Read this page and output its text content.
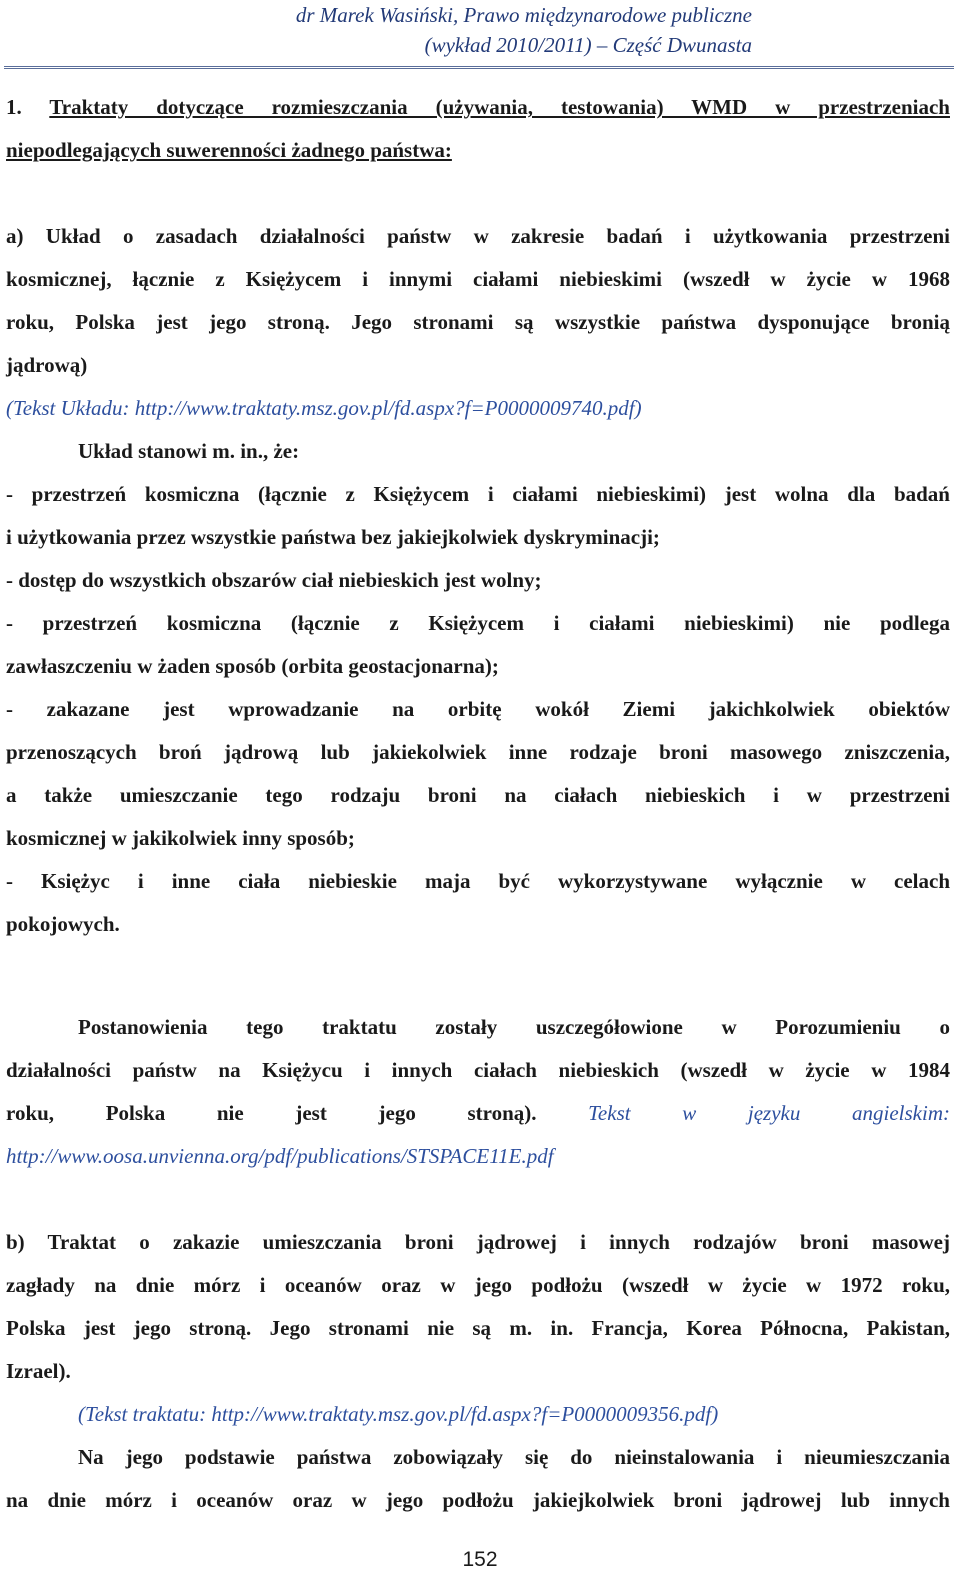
dr Marek Wasiński, Prawo międzynarodowe publiczne
(wykład 2010/2011) – Część Dwunasta
1. Traktaty dotyczące rozmieszczania (używania, testowania) WMD w przestrzeniach
niepodlegających suwerenności żadnego państwa:
a) Układ o zasadach działalności państw w zakresie badań i użytkowania przestrzeni
kosmicznej, łącznie z Księżycem i innymi ciałami niebieskimi (wszedł w życie w 1968
roku, Polska jest jego stroną. Jego stronami są wszystkie państwa dysponujące bronią
jądrową)
(Tekst Układu: http://www.traktaty.msz.gov.pl/fd.aspx?f=P0000009740.pdf)
Układ stanowi m. in., że:
- przestrzeń kosmiczna (łącznie z Księżycem i ciałami niebieskimi) jest wolna dla badań
i użytkowania przez wszystkie państwa bez jakiejkolwiek dyskryminacji;
- dostęp do wszystkich obszarów ciał niebieskich jest wolny;
- przestrzeń kosmiczna (łącznie z Księżycem i ciałami niebieskimi) nie podlega
zawłaszczeniu w żaden sposób (orbita geostacjonarna);
- zakazane jest wprowadzanie na orbitę wokół Ziemi jakichkolwiek obiektów
przenoszących broń jądrową lub jakiekolwiek inne rodzaje broni masowego zniszczenia,
a także umieszczanie tego rodzaju broni na ciałach niebieskich i w przestrzeni
kosmicznej w jakikolwiek inny sposób;
- Księżyc i inne ciała niebieskie maja być wykorzystywane wyłącznie w celach
pokojowych.
Postanowienia tego traktatu zostały uszczegółowione w Porozumieniu o
działalności państw na Księżycu i innych ciałach niebieskich (wszedł w życie w 1984
roku, Polska nie jest jego stroną). Tekst w języku angielskim:
http://www.oosa.unvienna.org/pdf/publications/STSPACE11E.pdf
b) Traktat o zakazie umieszczania broni jądrowej i innych rodzajów broni masowej
zagłady na dnie mórz i oceanów oraz w jego podłożu (wszedł w życie w 1972 roku,
Polska jest jego stroną. Jego stronami nie są m. in. Francja, Korea Północna, Pakistan,
Izrael).
(Tekst traktatu: http://www.traktaty.msz.gov.pl/fd.aspx?f=P0000009356.pdf)
Na jego podstawie państwa zobowiązały się do nieinstalowania i nieumieszczania
na dnie mórz i oceanów oraz w jego podłożu jakiejkolwiek broni jądrowej lub innych
152
